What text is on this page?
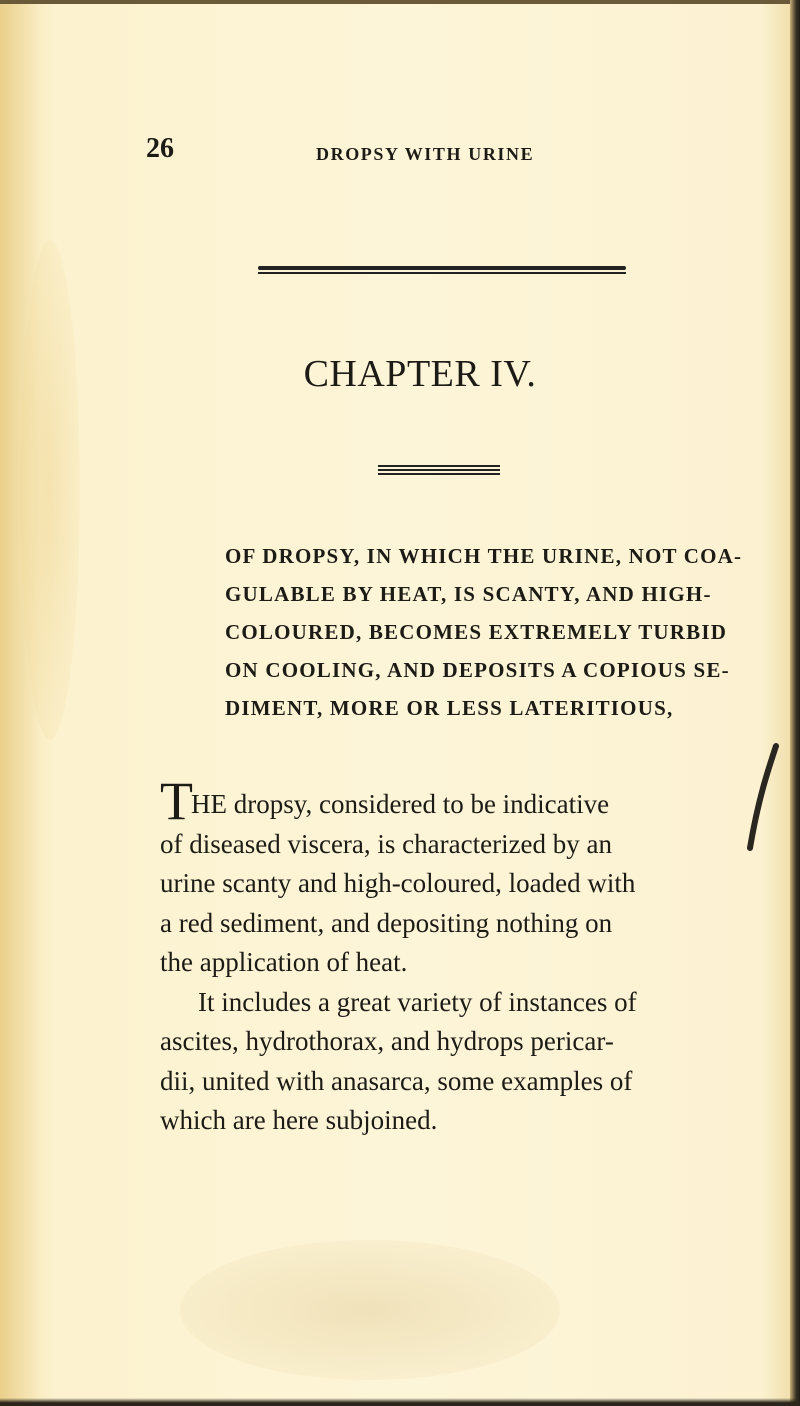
26	DROPSY WITH URINE
CHAPTER IV.
OF DROPSY, IN WHICH THE URINE, NOT COA-
GULABLE BY HEAT, IS SCANTY, AND HIGH-
COLOURED, BECOMES EXTREMELY TURBID
ON COOLING, AND DEPOSITS A COPIOUS SE-
DIMENT, MORE OR LESS LATERITIOUS,
THE dropsy, considered to be indicative
of diseased viscera, is characterized by an
urine scanty and high-coloured, loaded with
a red sediment, and depositing nothing on
the application of heat.
It includes a great variety of instances of
ascites, hydrothorax, and hydrops pericar-
dii, united with anasarca, some examples of
which are here subjoined.
